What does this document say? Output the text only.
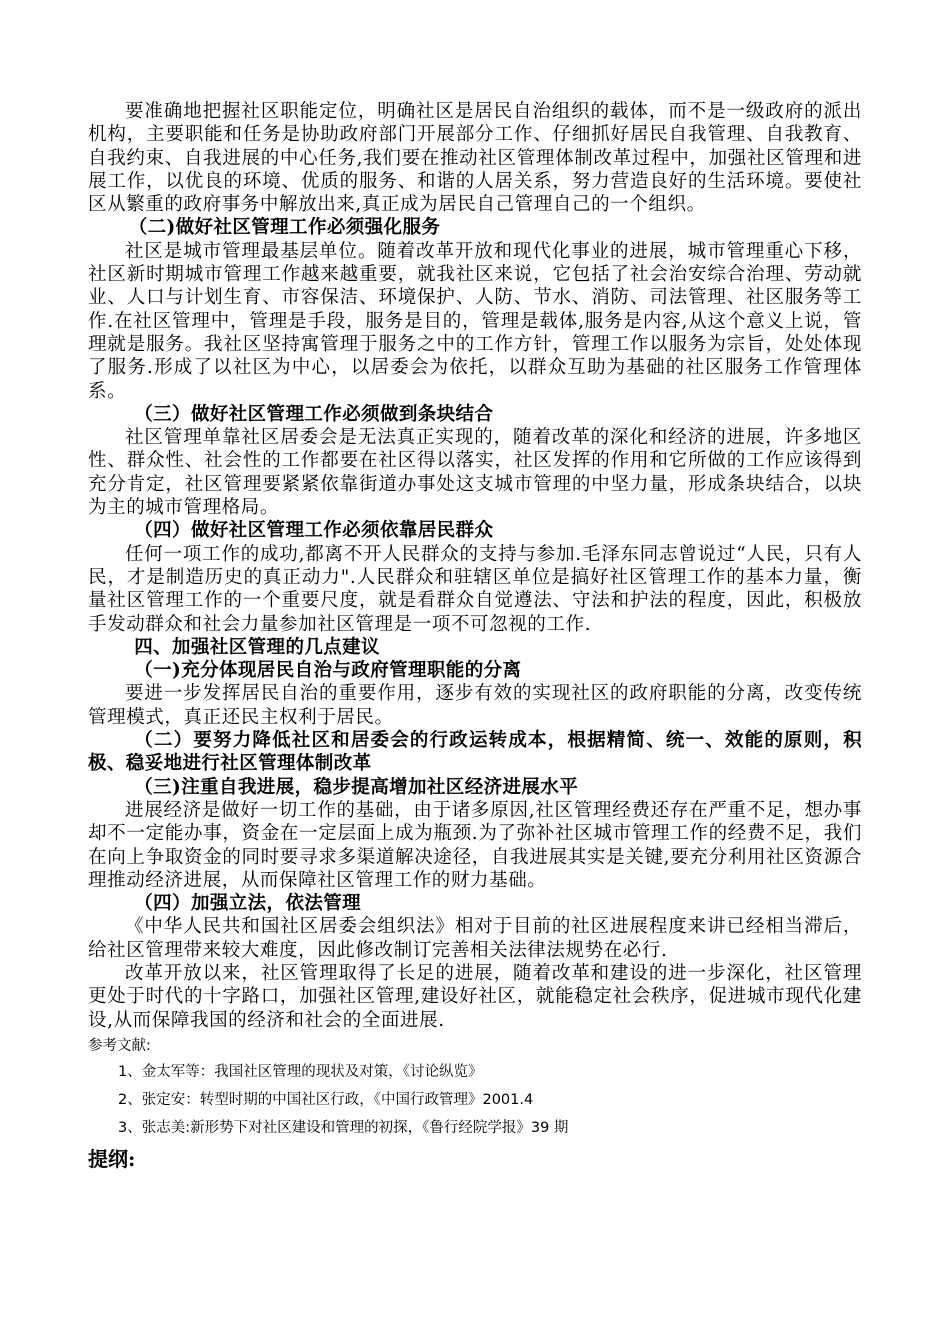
要准确地把握社区职能定位，明确社区是居民自治组织的载体，而不是一级政府的派出机构，主要职能和任务是协助政府部门开展部分工作、仔细抓好居民自我管理、自我教育、自我约束、自我进展的中心任务,我们要在推动社区管理体制改革过程中，加强社区管理和进展工作，以优良的环境、优质的服务、和谐的人居关系，努力营造良好的生活环境。要使社区从繁重的政府事务中解放出来,真正成为居民自己管理自己的一个组织。

（二)做好社区管理工作必须强化服务

社区是城市管理最基层单位。随着改革开放和现代化事业的进展，城市管理重心下移，社区新时期城市管理工作越来越重要，就我社区来说，它包括了社会治安综合治理、劳动就业、人口与计划生育、市容保洁、环境保护、人防、节水、消防、司法管理、社区服务等工作.在社区管理中，管理是手段，服务是目的，管理是载体,服务是内容,从这个意义上说，管理就是服务。我社区坚持寓管理于服务之中的工作方针，管理工作以服务为宗旨，处处体现了服务.形成了以社区为中心，以居委会为依托，以群众互助为基础的社区服务工作管理体系。

（三）做好社区管理工作必须做到条块结合

社区管理单靠社区居委会是无法真正实现的，随着改革的深化和经济的进展，许多地区性、群众性、社会性的工作都要在社区得以落实，社区发挥的作用和它所做的工作应该得到充分肯定，社区管理要紧紧依靠街道办事处这支城市管理的中坚力量，形成条块结合，以块为主的城市管理格局。

（四）做好社区管理工作必须依靠居民群众

任何一项工作的成功,都离不开人民群众的支持与参加.毛泽东同志曾说过“人民，只有人民，才是制造历史的真正动力".人民群众和驻辖区单位是搞好社区管理工作的基本力量，衡量社区管理工作的一个重要尺度，就是看群众自觉遵法、守法和护法的程度，因此，积极放手发动群众和社会力量参加社区管理是一项不可忽视的工作.

四、加强社区管理的几点建议

（一)充分体现居民自治与政府管理职能的分离

要进一步发挥居民自治的重要作用，逐步有效的实现社区的政府职能的分离，改变传统管理模式，真正还民主权利于居民。

（二）要努力降低社区和居委会的行政运转成本，根据精简、统一、效能的原则，积极、稳妥地进行社区管理体制改革

（三)注重自我进展，稳步提高增加社区经济进展水平

进展经济是做好一切工作的基础，由于诸多原因,社区管理经费还存在严重不足，想办事却不一定能办事，资金在一定层面上成为瓶颈.为了弥补社区城市管理工作的经费不足，我们在向上争取资金的同时要寻求多渠道解决途径，自我进展其实是关键,要充分利用社区资源合理推动经济进展，从而保障社区管理工作的财力基础。

（四）加强立法，依法管理

《中华人民共和国社区居委会组织法》相对于目前的社区进展程度来讲已经相当滞后，给社区管理带来较大难度，因此修改制订完善相关法律法规势在必行.

改革开放以来，社区管理取得了长足的进展，随着改革和建设的进一步深化，社区管理更处于时代的十字路口，加强社区管理,建设好社区，就能稳定社会秩序，促进城市现代化建设,从而保障我国的经济和社会的全面进展.

参考文献:
1、金太军等：我国社区管理的现状及对策，《讨论纵览》
2、张定安：转型时期的中国社区行政，《中国行政管理》2001.4
3、张志美:新形势下对社区建设和管理的初探，《鲁行经院学报》39 期
提纲:
